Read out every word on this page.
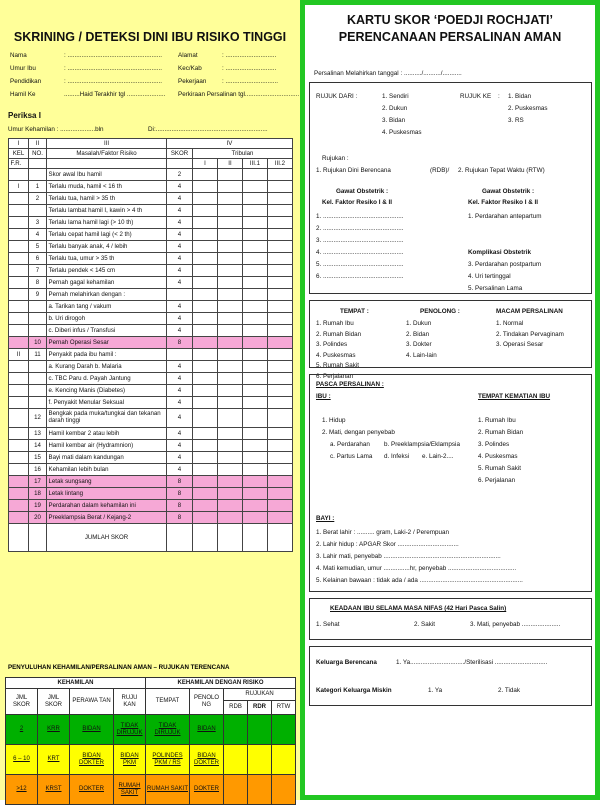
SKRINING / DETEKSI DINI IBU RISIKO TINGGI
Nama	: ......................................................	Alamat	: .............................
Umur Ibu	: ......................................................	Kec/Kab	: .............................
Pendidikan	: ......................................................	Pekerjaan : ..............................
Hamil Ke	.........Haid Terakhir tgl ...................... Perkiraan Persalinan tgl...............................
Periksa I
Umur Kehamilan : ....................bln	Di:................................................................
I	II	III	IV				
KEL	NO.	Masalah/Faktor Risiko	SKOR	Tribulan			
F.R.				I	II	III.1	III.2
		Skor awal Ibu hamil	2				
I	1	Terlalu muda, hamil < 16 th	4				
	2	Terlalu tua, hamil > 35 th	4				
		Terlalu lambat hamil I, kawin > 4 th	4				
	3	Terlalu lama hamil lagi (> 10 th)	4				
	4	Terlalu cepat hamil lagi (< 2 th)	4				
	5	Terlalu banyak anak, 4 / lebih	4				
	6	Terlalu tua, umur > 35 th	4				
	7	Terlalu pendek < 145 cm	4				
	8	Pernah gagal kehamilan	4				
	9	Pernah melahirkan dengan :					
		a. Tarikan tang / vakum	4				
		b. Uri dirogoh	4				
		c. Diberi infus / Transfusi	4				
	10	Pernah Operasi Sesar	8				
II	11	Penyakit pada ibu hamil :					
		a. Kurang Darah b. Malaria	4				
		c. TBC Paru d. Payah Jantung	4				
		e. Kencing Manis (Diabetes)	4				
		f. Penyakit Menular Seksual	4				
	12	Bengkak pada muka/tungkai dan tekanan darah tinggi	4				
	13	Hamil kembar 2 atau lebih	4				
	14	Hamil kembar air (Hydramnion)	4				
	15	Bayi mati dalam kandungan	4				
	16	Kehamilan lebih bulan	4				
	17	Letak sungsang	8				
	18	Letak lintang	8				
	19	Perdarahan dalam kehamilan ini	8				
	20	Preeklampsia Berat / Kejang-2	8				
		JUMLAH SKOR					
PENYULUHAN KEHAMILAN/PERSALINAN AMAN – RUJUKAN TERENCANA
KEHAMILAN				KEHAMILAN DENGAN RISIKO				
JML SKOR	JML SKOR	PERAWA TAN	RUJU KAN	TEMPAT	PENOLO NG	RUJUKAN		
						RDB	RDR	RTW
2	KRR	BIDAN	TIDAK DIRUJUK	TIDAK DIRUJUK	BIDAN			
6 – 10	KRT	BIDAN DOKTER	BIDAN PKM	POLINDES PKM / RS	BIDAN DOKTER			
>12	KRST	DOKTER	RUMAH SAKIT	RUMAH SAKIT	DOKTER			
KARTU SKOR ‘POEDJI ROCHJATI’
PERENCANAAN PERSALINAN AMAN
Persalinan Melahirkan tanggal : ........../........../...........
RUJUK DARI :	1. Sendiri
2. Dukun
3. Bidan
4. Puskesmas
RUJUK KE : 1. Bidan
2. Puskesmas
3. RS
Rujukan :
1. Rujukan Dini Berencana	(RDB)/ 2. Rujukan Tepat Waktu (RTW)
Gawat Obstetrik :
Kel. Faktor Resiko I & II
1. ..............................................
2. ..............................................
3. ..............................................
4. ..............................................
5. ..............................................
6. ..............................................
Gawat Obstetrik :
Kel. Faktor Resiko I & II
1. Perdarahan antepartum
Komplikasi Obstetrik
3. Perdarahan postpartum
4. Uri tertinggal
5. Persalinan Lama
TEMPAT :	PENOLONG :	MACAM PERSALINAN
1. Rumah Ibu
2. Rumah Bidan
3. Polindes
4. Puskesmas
5. Rumah Sakit
6. Perjalanan
1. Dukun
2. Bidan
3. Dokter
4. Lain-lain
1. Normal
2. Tindakan Pervaginam
3. Operasi Sesar
PASCA PERSALINAN :
IBU :	TEMPAT KEMATIAN IBU
1. Hidup
2. Mati, dengan penyebab
a. Perdarahan b. Preeklampsia/Eklampsia
c. Partus Lama d. Infeksi e. Lain-2....
1. Rumah Ibu
2. Rumah Bidan
3. Polindes
4. Puskesmas
5. Rumah Sakit
6. Perjalanan
BAYI :
1. Berat lahir : .......... gram, Laki-2 / Perempuan
2. Lahir hidup : APGAR Skor ...................................
3. Lahir mati, penyebab ...................................................................
4. Mati kemudian, umur ...............hr, penyebab .......................................
5. Kelainan bawaan : tidak ada / ada ...........................................................
KEADAAN IBU SELAMA MASA NIFAS (42 Hari Pasca Salin)
1. Sehat	2. Sakit	3. Mati, penyebab ......................
Keluarga Berencana	1. Ya.............................../Sterilisasi ..............................
Kategori Keluarga Miskin	1. Ya	2. Tidak
